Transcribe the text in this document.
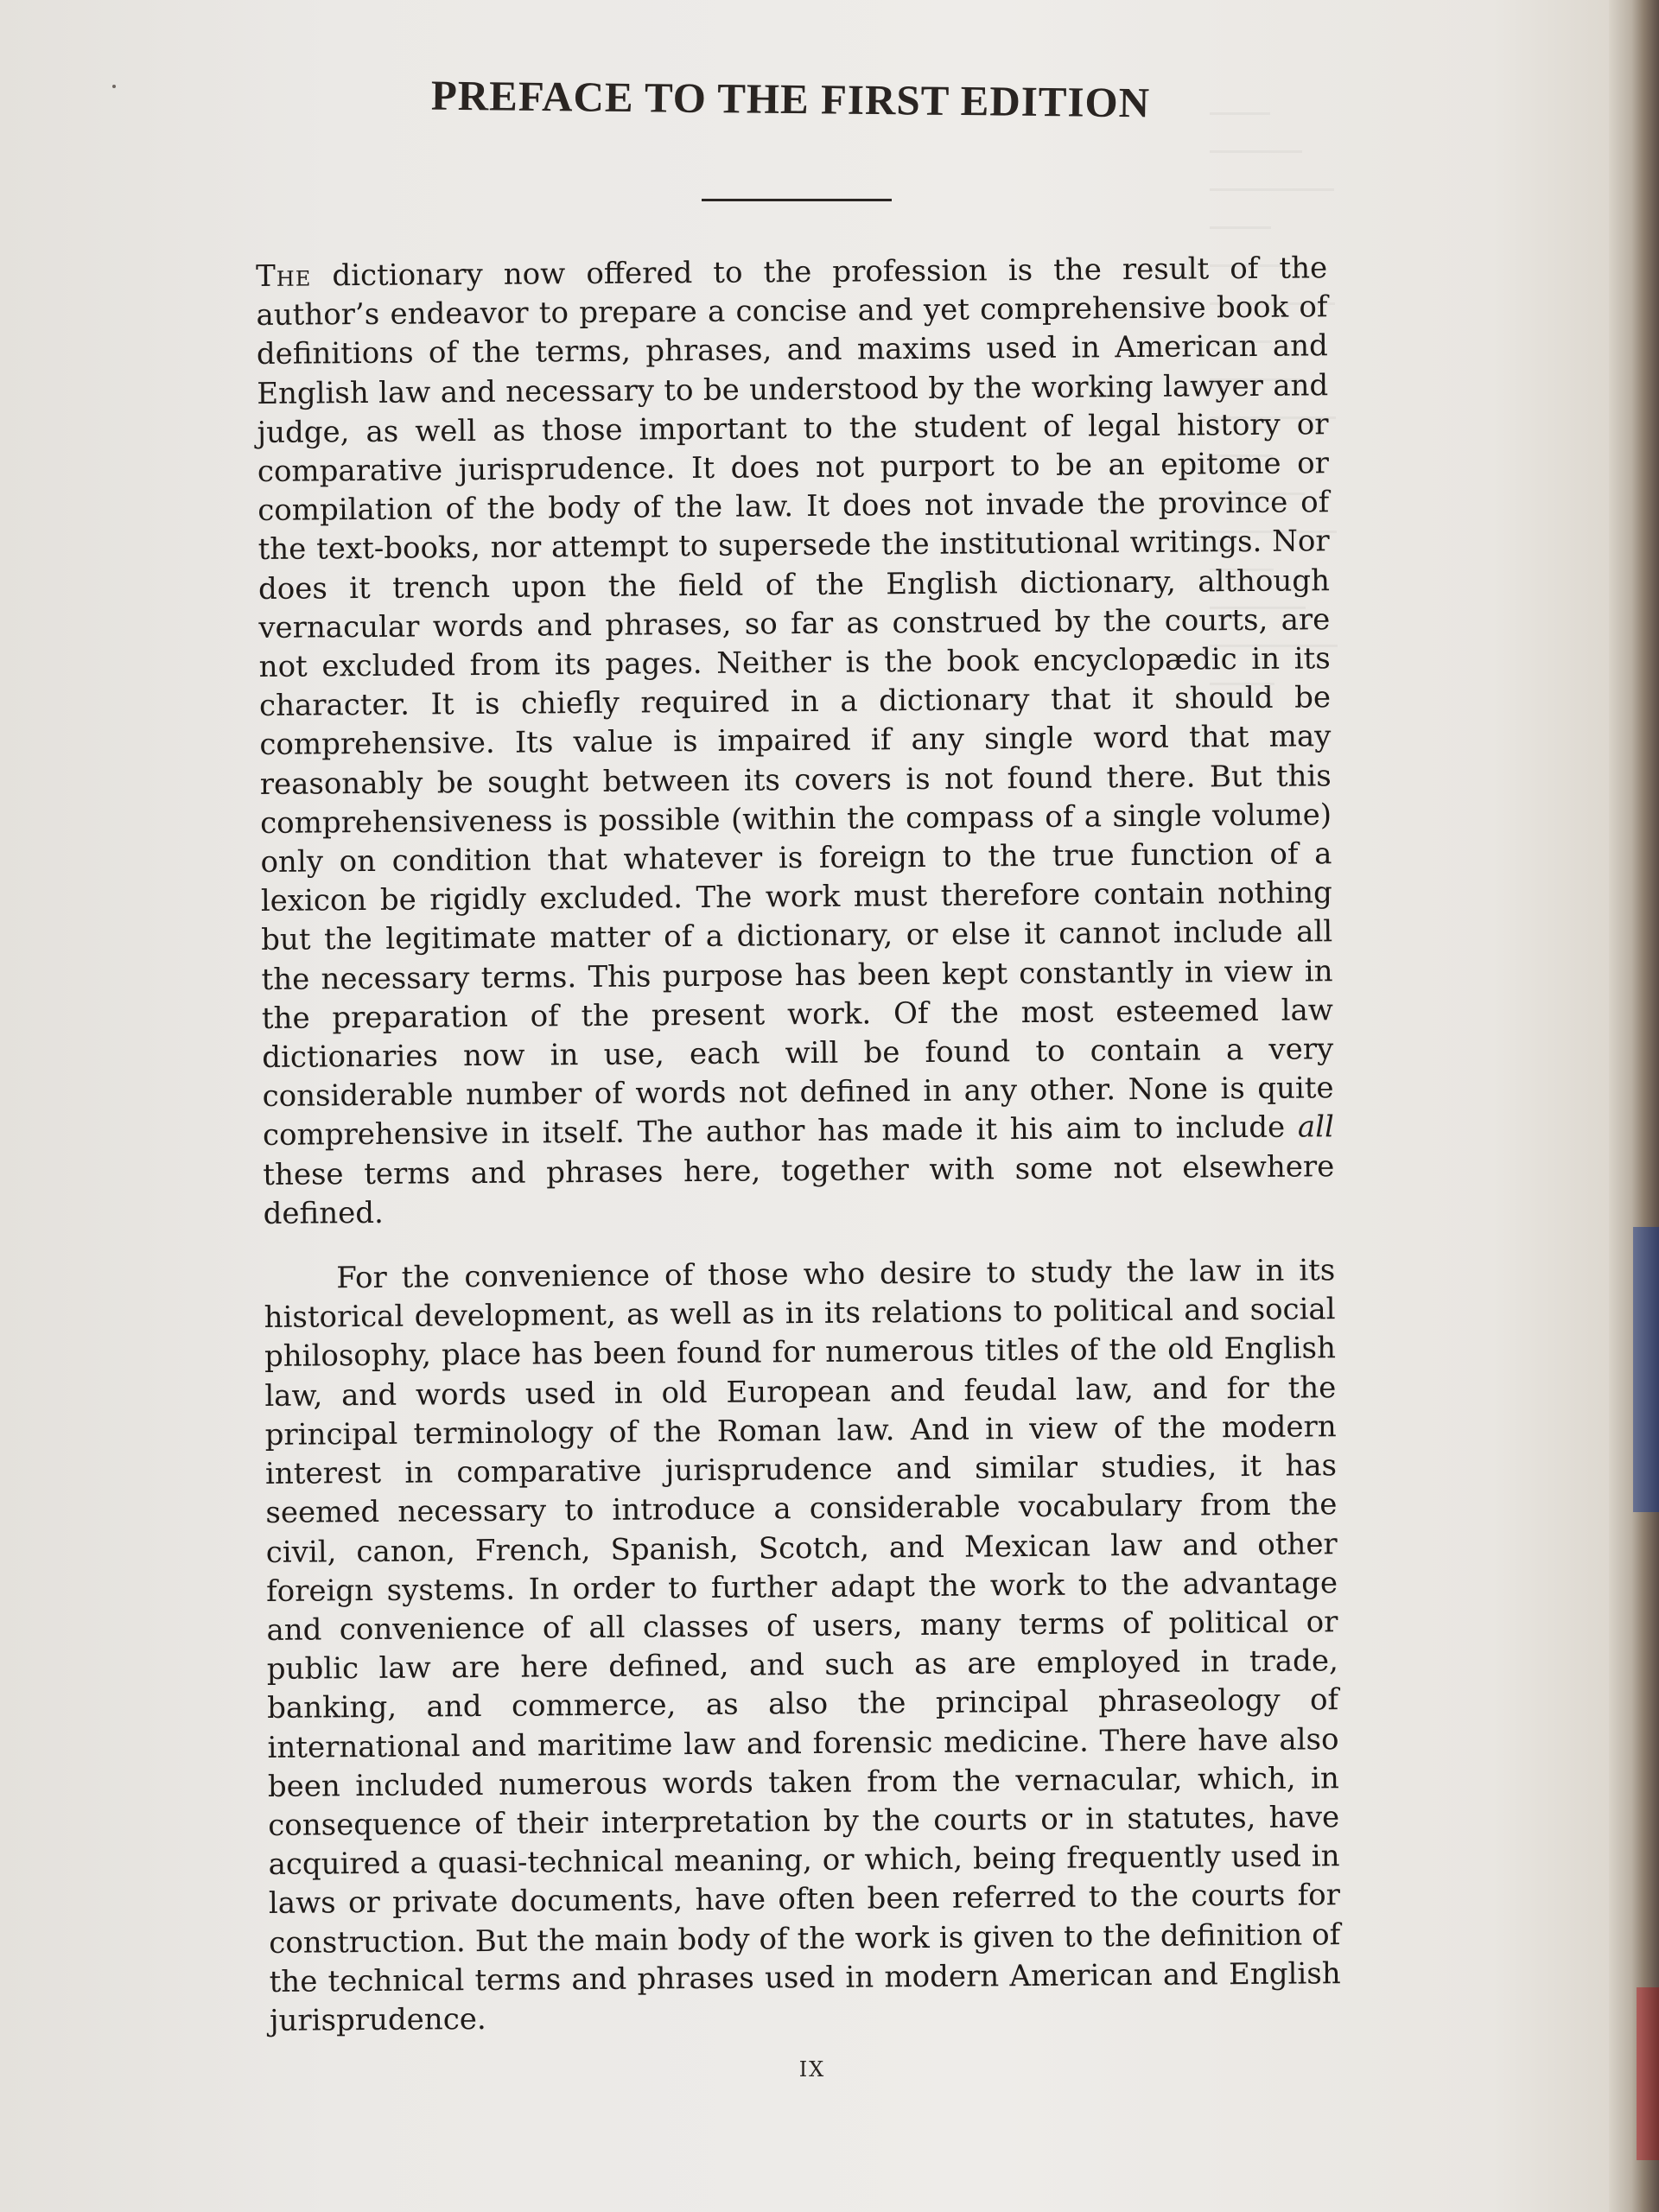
PREFACE TO THE FIRST EDITION

The dictionary now offered to the profession is the result of the author’s endeavor to prepare a concise and yet comprehensive book of definitions of the terms, phrases, and maxims used in American and English law and necessary to be understood by the working lawyer and judge, as well as those important to the student of legal history or comparative jurisprudence. It does not purport to be an epitome or compilation of the body of the law. It does not invade the province of the text-books, nor attempt to supersede the institutional writings. Nor does it trench upon the field of the English dictionary, although vernacular words and phrases, so far as construed by the courts, are not excluded from its pages. Neither is the book encyclopædic in its character. It is chiefly required in a dictionary that it should be comprehensive. Its value is impaired if any single word that may reasonably be sought between its covers is not found there. But this comprehensiveness is possible (within the compass of a single volume) only on condition that whatever is foreign to the true function of a lexicon be rigidly excluded. The work must therefore contain nothing but the legitimate matter of a dictionary, or else it cannot include all the necessary terms. This purpose has been kept constantly in view in the preparation of the present work. Of the most esteemed law dictionaries now in use, each will be found to contain a very considerable number of words not defined in any other. None is quite comprehensive in itself. The author has made it his aim to include all these terms and phrases here, together with some not elsewhere defined.

For the convenience of those who desire to study the law in its historical development, as well as in its relations to political and social philosophy, place has been found for numerous titles of the old English law, and words used in old European and feudal law, and for the principal terminology of the Roman law. And in view of the modern interest in comparative jurisprudence and similar studies, it has seemed necessary to introduce a considerable vocabulary from the civil, canon, French, Spanish, Scotch, and Mexican law and other foreign systems. In order to further adapt the work to the advantage and convenience of all classes of users, many terms of political or public law are here defined, and such as are employed in trade, banking, and commerce, as also the principal phraseology of international and maritime law and forensic medicine. There have also been included numerous words taken from the vernacular, which, in consequence of their interpretation by the courts or in statutes, have acquired a quasi-technical meaning, or which, being frequently used in laws or private documents, have often been referred to the courts for construction. But the main body of the work is given to the definition of the technical terms and phrases used in modern American and English jurisprudence.

ix
